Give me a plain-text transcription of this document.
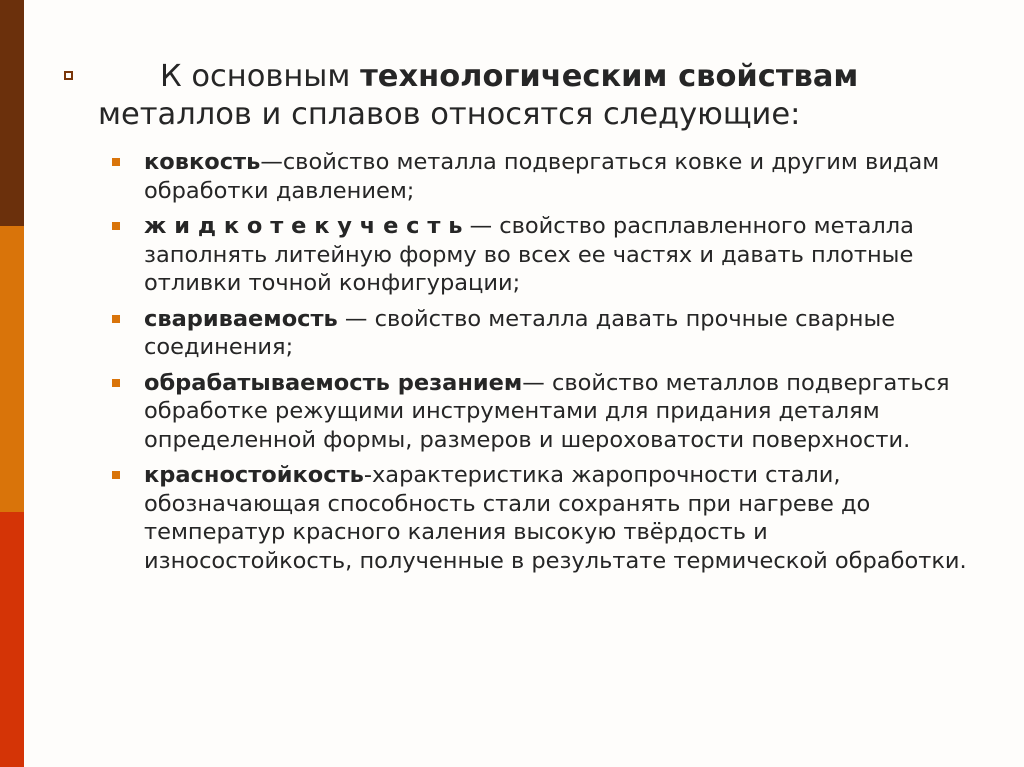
К основным технологическим свойствам металлов и сплавов относятся следующие:
ковкость—свойство металла подвергаться ковке и другим видам обработки давлением;
ж и д к о т е к у ч е с т ь — свойство расплавленного металла заполнять литейную форму во всех ее частях и давать плотные отливки точной конфигурации;
свариваемость — свойство металла давать прочные сварные соединения;
обрабатываемость резанием— свойство металлов подвергаться обработке режущими инструментами для придания деталям определенной формы, размеров и шероховатости поверхности.
красностойкость-характеристика жаропрочности стали, обозначающая способность стали сохранять при нагреве до температур красного каления высокую твёрдость и износостойкость, полученные в результате термической обработки.
